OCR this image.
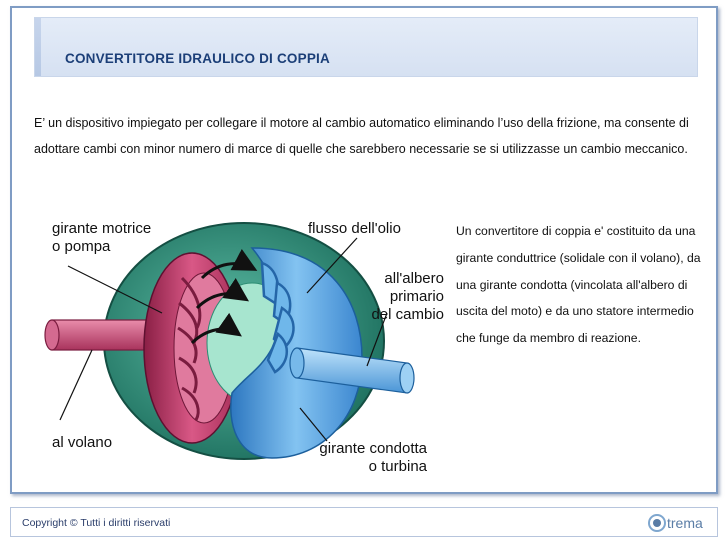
CONVERTITORE IDRAULICO DI COPPIA
E’ un dispositivo impiegato per collegare il motore al cambio automatico eliminando l’uso della frizione, ma consente di adottare cambi con minor numero di marce di quelle che sarebbero necessarie se si utilizzasse un cambio meccanico.
girante motrice
o pompa
flusso dell'olio
all'albero
primario
del cambio
al volano	girante condotta
o turbina
Un convertitore di coppia e' costituito da una girante conduttrice (solidale con il volano), da una girante condotta (vincolata all'albero di uscita del moto) e da uno statore intermedio che funge da membro di reazione.
Copyright © Tutti i diritti riservati	trema
